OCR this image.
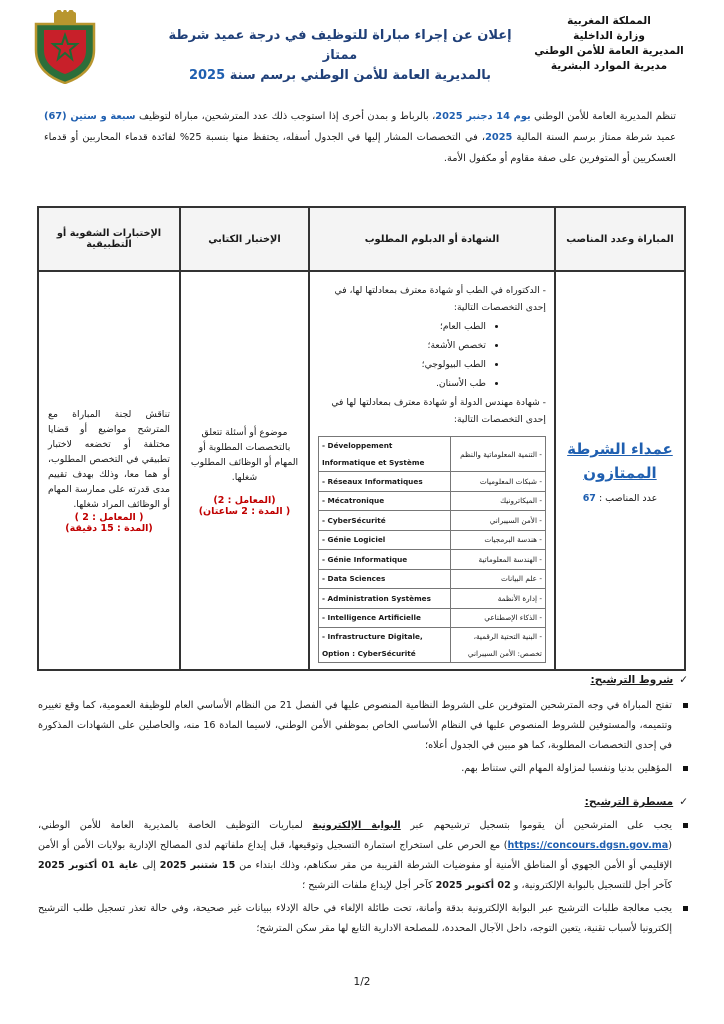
المملكة المغربية
وزارة الداخلية
المديرية العامة للأمن الوطني
مديرية الموارد البشرية
إعلان عن إجراء مباراة للتوظيف في درجة عميد شرطة ممتاز
بالمديرية العامة للأمن الوطني برسم سنة 2025
تنظم المديرية العامة للأمن الوطني يوم 14 دجنبر 2025، بالرباط و بمدن أخرى إذا استوجب ذلك عدد المترشحين، مباراة لتوظيف سبعة و ستين (67) عميد شرطة ممتاز برسم السنة المالية 2025، في التخصصات المشار إليها في الجدول أسفله، يحتفظ منها بنسبة 25% لفائدة قدماء المحاربين أو قدماء العسكريين أو المتوفرين على صفة مقاوم أو مكفول الأمة.
المباراة وعدد المناصب	الشهادة أو الدبلوم المطلوب	الإختبار الكتابي	الإختبارات الشفوية أو التطبيقية

عمداء الشرطة الممتازون
عدد المناصب : 67

- الدكتوراه في الطب أو شهادة معترف بمعادلتها لها، في إحدى التخصصات التالية:
• الطب العام؛
• تخصص الأشعة؛
• الطب البيولوجي؛
• طب الأسنان.
- شهادة مهندس الدولة أو شهادة معترف بمعادلتها لها في إحدى التخصصات التالية:
- التنمية المعلوماتية والنظم	- Développement Informatique et Système
- شبكات المعلوميات	- Réseaux Informatiques
- الميكاترونيك	- Mécatronique
- الأمن السيبراني	- CyberSécurité
- هندسة البرمجيات	- Génie Logiciel
- الهندسة المعلوماتية	- Génie Informatique
- علم البيانات	- Data Sciences
- إدارة الأنظمة	- Administration Systèmes
- الذكاء الإصطناعي	- Intelligence Artificielle
- البنية التحتية الرقمية، تخصص: الأمن السيبراني	- Infrastructure Digitale, Option : CyberSécurité

موضوع أو أسئلة تتعلق بالتخصصات المطلوبة أو المهام أو الوظائف المطلوب شغلها.
(المعامل : 2)
( المدة : 2 ساعتان)

تناقش لجنة المباراة مع المترشح مواضيع أو قضايا مختلفة أو تخضعه لاختبار تطبيقي في التخصص المطلوب، أو هما معا، وذلك بهدف تقييم مدى قدرته على ممارسة المهام أو الوظائف المراد شغلها.
( المعامل : 2 )
(المدة : 15 دقيقة)
✓شروط الترشيح:
تفتح المباراة في وجه المترشحين المتوفرين على الشروط النظامية المنصوص عليها في الفصل 21 من النظام الأساسي العام للوظيفة العمومية، كما وقع تغييره وتتميمه، والمستوفين للشروط المنصوص عليها في النظام الأساسي الخاص بموظفي الأمن الوطني، لاسيما المادة 16 منه، والحاصلين على الشهادات المذكورة في إحدى التخصصات المطلوبة، كما هو مبين في الجدول أعلاه؛
المؤهلين بدنيا ونفسيا لمزاولة المهام التي ستناط بهم.
✓مسطرة الترشيح:
يجب على المترشحين أن يقوموا بتسجيل ترشيحهم عبر البوابة الإلكترونية لمباريات التوظيف الخاصة بالمديرية العامة للأمن الوطني، (https://concours.dgsn.gov.ma) مع الحرص على استخراج استمارة التسجيل وتوقيعها، قبل إيداع ملفاتهم لدى المصالح الإدارية بولايات الأمن أو الأمن الإقليمي أو الأمن الجهوي أو المناطق الأمنية أو مفوضيات الشرطة القريبة من مقر سكناهم، وذلك ابتداء من 15 شتنبر 2025 إلى غاية 01 أكتوبر 2025 كآخر أجل للتسجيل بالبوابة الإلكترونية، و 02 أكتوبر 2025 كآخر أجل لإيداع ملفات الترشيح ؛
يجب معالجة طلبات الترشيح عبر البوابة الإلكترونية بدقة وأمانة، تحت طائلة الإلغاء في حالة الإدلاء ببيانات غير صحيحة، وفي حالة تعذر تسجيل طلب الترشيح إلكترونيا لأسباب تقنية، يتعين التوجه، داخل الآجال المحددة، للمصلحة الادارية التابع لها مقر سكن المترشح؛
1/2
